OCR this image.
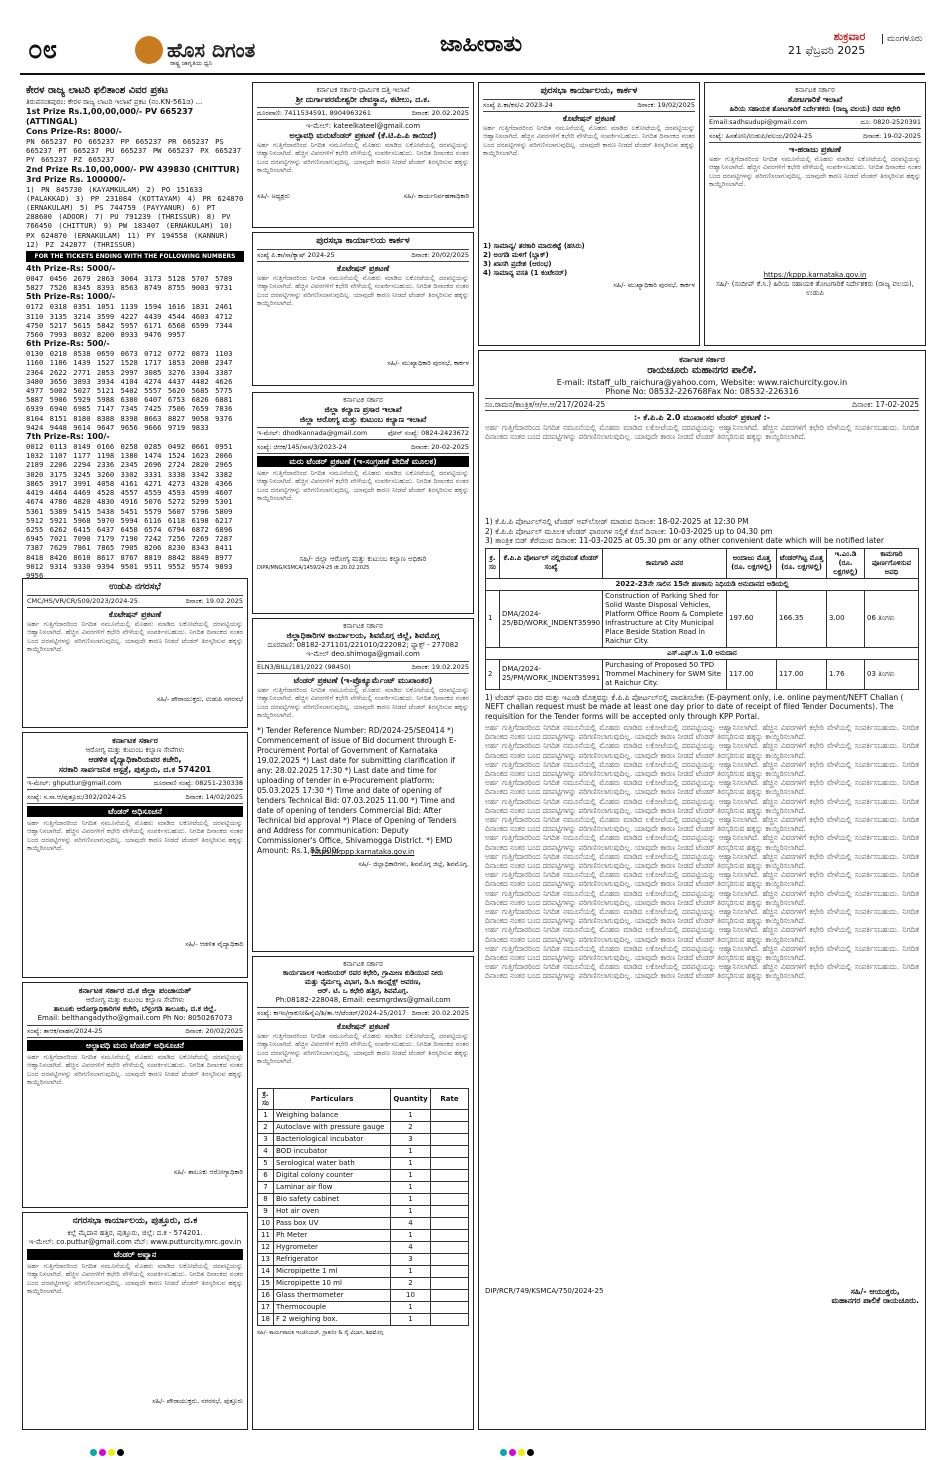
೦೮	ಹೊಸ ದಿಗಂತ
ರಾಷ್ಟ್ರ ಜಾಗೃತಿಯ ಧ್ವನಿ
ಜಾಹೀರಾತು	ಶುಕ್ರವಾರ
21 ಫೆಬ್ರವರಿ 2025
ಮಂಗಳೂರು
ಕೇರಳ ರಾಜ್ಯ ಲಾಟರಿ ಫಲಿತಾಂಶ ವಿವರ ಪ್ರಕಟ
ತಿರುವನಂತಪುರಂ: ಕೇರಳ ರಾಜ್ಯ ಲಾಟರಿ ಇಲಾಖೆ ಪ್ರಕಟ (ನಂ.KN-561ಡ) ...
1st Prize Rs.1,00,00,000/- PV 665237 (ATTINGAL)
Cons Prize-Rs: 8000/-
PN 665237 PO 665237 PP 665237 PR 665237 PS 665237 PT 665237 PU 665237 PW 665237 PX 665237 PY 665237 PZ 665237
2nd Prize Rs.10,00,000/- PW 439830 (CHITTUR)
3rd Prize Rs. 100000/-
1) PN 845730 (KAYAMKULAM) 2) PO 151633 (PALAKKAD) 3) PP 231084 (KOTTAYAM) 4) PR 624870 (ERNAKULAM) 5) PS 744759 (PAYYANUR) 6) PT 288600 (ADOOR) 7) PU 791239 (THRISSUR) 8) PV 766450 (CHITTUR) 9) PW 183407 (ERNAKULAM) 10) PX 624870 (ERNAKULAM) 11) PY 194558 (KANNUR) 12) PZ 242877 (THRISSUR)
FOR THE TICKETS ENDING WITH THE FOLLOWING NUMBERS
4th Prize-Rs: 5000/-
0047 0456 2679 2863 3064 3173 5128 5707 5789 5827 7526 8345 8393 8563 8749 8755 9003 9731
5th Prize-Rs: 1000/-
0172 0318 0351 1051 1139 1594 1616 1831 2461 3110 3135 3214 3599 4227 4439 4544 4603 4712 4750 5217 5615 5842 5957 6171 6568 6599 7344 7560 7993 8032 8200 8933 9476 9957
6th Prize-Rs: 500/-
0130 0218 0538 0659 0673 0712 0772 0873 1103 1160 1186 1439 1527 1528 1717 1853 2008 2347 2364 2622 2771 2853 2997 3085 3276 3304 3387 3480 3656 3893 3934 4104 4274 4437 4482 4626 4977 5002 5027 5121 5402 5557 5620 5685 5775 5887 5906 5929 5988 6380 6407 6753 6826 6881 6939 6940 6985 7147 7345 7425 7506 7659 7836 8104 8151 8180 8388 8398 8663 8827 9058 9376 9424 9448 9614 9647 9656 9666 9719 9833
7th Prize-Rs: 100/-
0012 0113 0149 0166 0258 0285 0492 0661 0951 1032 1107 1177 1198 1380 1474 1524 1623 2066 2189 2206 2294 2336 2345 2696 2724 2820 2965 3020 3175 3245 3260 3302 3331 3338 3342 3382 3865 3917 3991 4058 4161 4271 4273 4320 4366 4419 4464 4469 4528 4557 4559 4593 4599 4607 4674 4786 4820 4830 4916 5076 5272 5299 5301 5361 5389 5415 5438 5451 5579 5607 5796 5809 5912 5921 5968 5970 5994 6116 6118 6198 6217 6255 6262 6415 6437 6458 6574 6794 6872 6896 6945 7021 7090 7179 7190 7242 7256 7269 7287 7387 7629 7861 7865 7905 8206 8230 8343 8411 8418 8426 8610 8617 8767 8819 8842 8849 8977 9012 9314 9330 9394 9501 9511 9552 9574 9893 9956
ಉಡುಪಿ ನಗರಸಭೆ
CMC/HS/VR/CR/509/2023/2024-25	ದಿನಾಂಕ: 19.02.2025
ಕೊಟೇಷನ್ ಪ್ರಕಟಣೆ
ಅರ್ಹ ಗುತ್ತಿಗೆದಾರರಿಂದ ನಿಗದಿತ ನಮೂನೆಯಲ್ಲಿ ಮೊಹರು ಮಾಡಿದ ಲಕೋಟೆಯಲ್ಲಿ ದರಪಟ್ಟಿಯನ್ನು ಆಹ್ವಾನಿಸಲಾಗಿದೆ. ಹೆಚ್ಚಿನ ವಿವರಗಳಿಗೆ ಕಛೇರಿ ವೇಳೆಯಲ್ಲಿ ಸಂಪರ್ಕಿಸಬಹುದು. ನಿಗದಿತ ದಿನಾಂಕದ ನಂತರ ಬಂದ ದರಪಟ್ಟಿಗಳನ್ನು ಪರಿಗಣಿಸಲಾಗುವುದಿಲ್ಲ. ಯಾವುದೇ ಕಾರಣ ನೀಡದೆ ಟೆಂಡರ್ ತಿರಸ್ಕರಿಸುವ ಹಕ್ಕನ್ನು ಕಾಯ್ದಿರಿಸಲಾಗಿದೆ.
ಸಹಿ/- ಪೌರಾಯುಕ್ತರು, ಉಡುಪಿ ನಗರಸಭೆ
ಕರ್ನಾಟಕ ಸರ್ಕಾರ
ಆರೋಗ್ಯ ಮತ್ತು ಕುಟುಂಬ ಕಲ್ಯಾಣ ಸೇವೆಗಳು
ಆಡಳಿತ ವೈದ್ಯಾಧಿಕಾರಿಯವರ ಕಚೇರಿ,
ಸರಕಾರಿ ಸಾರ್ವಜನಿಕ ಆಸ್ಪತ್ರೆ, ಪುತ್ತೂರು, ದ.ಕ 574201
ಇ-ಮೇಲ್: ghputtur@gmail.com	ದೂರವಾಣಿ ಸಂಖ್ಯೆ: 08251-230338
ಸಂಖ್ಯೆ: ಸ.ಸಾ.ಆ/ಪುತ್ತೂರು/302/2024-25	ದಿನಾಂಕ: 14/02/2025
ಟೆಂಡರ್ ಅಧಿಸೂಚನೆ
ಅರ್ಹ ಗುತ್ತಿಗೆದಾರರಿಂದ ನಿಗದಿತ ನಮೂನೆಯಲ್ಲಿ ಮೊಹರು ಮಾಡಿದ ಲಕೋಟೆಯಲ್ಲಿ ದರಪಟ್ಟಿಯನ್ನು ಆಹ್ವಾನಿಸಲಾಗಿದೆ. ಹೆಚ್ಚಿನ ವಿವರಗಳಿಗೆ ಕಛೇರಿ ವೇಳೆಯಲ್ಲಿ ಸಂಪರ್ಕಿಸಬಹುದು. ನಿಗದಿತ ದಿನಾಂಕದ ನಂತರ ಬಂದ ದರಪಟ್ಟಿಗಳನ್ನು ಪರಿಗಣಿಸಲಾಗುವುದಿಲ್ಲ. ಯಾವುದೇ ಕಾರಣ ನೀಡದೆ ಟೆಂಡರ್ ತಿರಸ್ಕರಿಸುವ ಹಕ್ಕನ್ನು ಕಾಯ್ದಿರಿಸಲಾಗಿದೆ.
ಸಹಿ/- ಆಡಳಿತ ವೈದ್ಯಾಧಿಕಾರಿ
ಕರ್ನಾಟಕ ಸರ್ಕಾರ ದ.ಕ ಜಿಲ್ಲಾ ಪಂಚಾಯತ್
ಆರೋಗ್ಯ ಮತ್ತು ಕುಟುಂಬ ಕಲ್ಯಾಣ ಸೇವೆಗಳು
ತಾಲೂಕು ಆರೋಗ್ಯಾಧಿಕಾರಿಗಳ ಕಚೇರಿ, ಬೆಳ್ತಂಗಡಿ ತಾಲೂಕು, ದ.ಕ ಜಿಲ್ಲೆ.
Email: belthangadytho@gmail.com Ph No: 8050267073
ಸಂಖ್ಯೆ: ತಾಆಕ/ವಾಹನ/2024-25	ದಿನಾಂಕ: 20/02/2025
ಅಲ್ಪಾವಧಿ ಮರು ಟೆಂಡರ್ ಅಧಿಸೂಚನೆ
ಅರ್ಹ ಗುತ್ತಿಗೆದಾರರಿಂದ ನಿಗದಿತ ನಮೂನೆಯಲ್ಲಿ ಮೊಹರು ಮಾಡಿದ ಲಕೋಟೆಯಲ್ಲಿ ದರಪಟ್ಟಿಯನ್ನು ಆಹ್ವಾನಿಸಲಾಗಿದೆ. ಹೆಚ್ಚಿನ ವಿವರಗಳಿಗೆ ಕಛೇರಿ ವೇಳೆಯಲ್ಲಿ ಸಂಪರ್ಕಿಸಬಹುದು. ನಿಗದಿತ ದಿನಾಂಕದ ನಂತರ ಬಂದ ದರಪಟ್ಟಿಗಳನ್ನು ಪರಿಗಣಿಸಲಾಗುವುದಿಲ್ಲ. ಯಾವುದೇ ಕಾರಣ ನೀಡದೆ ಟೆಂಡರ್ ತಿರಸ್ಕರಿಸುವ ಹಕ್ಕನ್ನು ಕಾಯ್ದಿರಿಸಲಾಗಿದೆ.
ಸಹಿ/- ತಾಲೂಕು ಆರೋಗ್ಯಾಧಿಕಾರಿ
ನಗರಸಭಾ ಕಾರ್ಯಾಲಯ, ಪುತ್ತೂರು, ದ.ಕ
ಕಿಲ್ಲೆ ಮೈದಾನ ಹತ್ತಿರ, ಪುತ್ತೂರು, ಜಿಲ್ಲೆ: ದ.ಕ - 574201.
ಇ-ಮೇಲ್: co.puttur@gmail.com ವೆಬ್: www.putturcity.mrc.gov.in
ಟೆಂಡರ್ ಅವ್ಯಾನ
ಅರ್ಹ ಗುತ್ತಿಗೆದಾರರಿಂದ ನಿಗದಿತ ನಮೂನೆಯಲ್ಲಿ ಮೊಹರು ಮಾಡಿದ ಲಕೋಟೆಯಲ್ಲಿ ದರಪಟ್ಟಿಯನ್ನು ಆಹ್ವಾನಿಸಲಾಗಿದೆ. ಹೆಚ್ಚಿನ ವಿವರಗಳಿಗೆ ಕಛೇರಿ ವೇಳೆಯಲ್ಲಿ ಸಂಪರ್ಕಿಸಬಹುದು. ನಿಗದಿತ ದಿನಾಂಕದ ನಂತರ ಬಂದ ದರಪಟ್ಟಿಗಳನ್ನು ಪರಿಗಣಿಸಲಾಗುವುದಿಲ್ಲ. ಯಾವುದೇ ಕಾರಣ ನೀಡದೆ ಟೆಂಡರ್ ತಿರಸ್ಕರಿಸುವ ಹಕ್ಕನ್ನು ಕಾಯ್ದಿರಿಸಲಾಗಿದೆ.
ಸಹಿ/- ಪೌರಾಯುಕ್ತರು, ನಗರಸಭೆ, ಪುತ್ತೂರು
ಕರ್ನಾಟಕ ಸರ್ಕಾರ-ಧಾರ್ಮಿಕ ದತ್ತಿ ಇಲಾಖೆ
ಶ್ರೀ ದುರ್ಗಾಪರಮೇಶ್ವರೀ ದೇವಸ್ಥಾನ, ಕಟೀಲು, ದ.ಕ.
ದೂರವಾಣಿ: 7411534591, 8904963261	ದಿನಾಂಕ: 20.02.2025
ಇ-ಮೇಲ್: kateelkateel@gmail.com
ಅಲ್ಪಾವಧಿ ಮರುಟೆಂಡರ್ ಪ್ರಕಟಣೆ (ಕೆ.ಟಿ.ಪಿ.ಪಿ ಕಾಯಿದೆ)
ಅರ್ಹ ಗುತ್ತಿಗೆದಾರರಿಂದ ನಿಗದಿತ ನಮೂನೆಯಲ್ಲಿ ಮೊಹರು ಮಾಡಿದ ಲಕೋಟೆಯಲ್ಲಿ ದರಪಟ್ಟಿಯನ್ನು ಆಹ್ವಾನಿಸಲಾಗಿದೆ. ಹೆಚ್ಚಿನ ವಿವರಗಳಿಗೆ ಕಛೇರಿ ವೇಳೆಯಲ್ಲಿ ಸಂಪರ್ಕಿಸಬಹುದು. ನಿಗದಿತ ದಿನಾಂಕದ ನಂತರ ಬಂದ ದರಪಟ್ಟಿಗಳನ್ನು ಪರಿಗಣಿಸಲಾಗುವುದಿಲ್ಲ. ಯಾವುದೇ ಕಾರಣ ನೀಡದೆ ಟೆಂಡರ್ ತಿರಸ್ಕರಿಸುವ ಹಕ್ಕನ್ನು ಕಾಯ್ದಿರಿಸಲಾಗಿದೆ.
ಸಹಿ/- ಅಧ್ಯಕ್ಷರು	ಸಹಿ/- ಕಾರ್ಯನಿರ್ವಹಣಾಧಿಕಾರಿ
ಪುರಸಭಾ ಕಾರ್ಯಾಲಯ ಕಾರ್ಕಳ
ಸಂಖ್ಯೆ ಪಿ.ಕಾ/ಸಾ/ಕ್ಯಾಷ್ 2024-25	ದಿನಾಂಕ: 20/02/2025
ಕೊಟೇಷನ್ ಪ್ರಕಟಣೆ
ಅರ್ಹ ಗುತ್ತಿಗೆದಾರರಿಂದ ನಿಗದಿತ ನಮೂನೆಯಲ್ಲಿ ಮೊಹರು ಮಾಡಿದ ಲಕೋಟೆಯಲ್ಲಿ ದರಪಟ್ಟಿಯನ್ನು ಆಹ್ವಾನಿಸಲಾಗಿದೆ. ಹೆಚ್ಚಿನ ವಿವರಗಳಿಗೆ ಕಛೇರಿ ವೇಳೆಯಲ್ಲಿ ಸಂಪರ್ಕಿಸಬಹುದು. ನಿಗದಿತ ದಿನಾಂಕದ ನಂತರ ಬಂದ ದರಪಟ್ಟಿಗಳನ್ನು ಪರಿಗಣಿಸಲಾಗುವುದಿಲ್ಲ. ಯಾವುದೇ ಕಾರಣ ನೀಡದೆ ಟೆಂಡರ್ ತಿರಸ್ಕರಿಸುವ ಹಕ್ಕನ್ನು ಕಾಯ್ದಿರಿಸಲಾಗಿದೆ.
ಸಹಿ/- ಮುಖ್ಯಾಧಿಕಾರಿ ಪುರಸಭೆ, ಕಾರ್ಕಳ
ಕರ್ನಾಟಕ ಸರ್ಕಾರ
ಜಿಲ್ಲಾ ಕಲ್ಯಾಣ ಪ್ರಸಾರ ಇಲಾಖೆ
ಜಿಲ್ಲಾ ಆರೋಗ್ಯ ಮತ್ತು ಕುಟುಂಬ ಕಲ್ಯಾಣ ಇಲಾಖೆ
ಇ-ಮೇಲ್: dhodkannada@gmail.com	ಫೋನ್ ಸಂಖ್ಯೆ: 0824-2423672
ಸಂಖ್ಯೆ: ಜಿಆಕ/145/ಸಾಸ/3/2023-24	ದಿನಾಂಕ: 20-02-2025
ಮರು ಟೆಂಡರ್ ಪ್ರಕಟಣೆ (ಇ-ಸಂಗ್ರಹಣೆ ವೇದಿಕೆ ಮೂಲಕ)
ಅರ್ಹ ಗುತ್ತಿಗೆದಾರರಿಂದ ನಿಗದಿತ ನಮೂನೆಯಲ್ಲಿ ಮೊಹರು ಮಾಡಿದ ಲಕೋಟೆಯಲ್ಲಿ ದರಪಟ್ಟಿಯನ್ನು ಆಹ್ವಾನಿಸಲಾಗಿದೆ. ಹೆಚ್ಚಿನ ವಿವರಗಳಿಗೆ ಕಛೇರಿ ವೇಳೆಯಲ್ಲಿ ಸಂಪರ್ಕಿಸಬಹುದು. ನಿಗದಿತ ದಿನಾಂಕದ ನಂತರ ಬಂದ ದರಪಟ್ಟಿಗಳನ್ನು ಪರಿಗಣಿಸಲಾಗುವುದಿಲ್ಲ. ಯಾವುದೇ ಕಾರಣ ನೀಡದೆ ಟೆಂಡರ್ ತಿರಸ್ಕರಿಸುವ ಹಕ್ಕನ್ನು ಕಾಯ್ದಿರಿಸಲಾಗಿದೆ.
ಸಹಿ/- ಜಿಲ್ಲಾ ಆರೋಗ್ಯ ಮತ್ತು ಕುಟುಂಬ ಕಲ್ಯಾಣ ಅಧಿಕಾರಿ
DIPR/MNG/KSMCA/1459/24-25 dt.20.02.2025
ಕರ್ನಾಟಕ ಸರ್ಕಾರ
ಜಿಲ್ಲಾಧಿಕಾರಿಗಳ ಕಾರ್ಯಾಲಯ, ಶಿವಮೊಗ್ಗ ಜಿಲ್ಲೆ, ಶಿವಮೊಗ್ಗ
ದೂರವಾಣಿ: 08182-271101/221010/222082; ಫ್ಯಾಕ್ಸ್ - 277082
ಇ-ಮೇಲ್ deo.shimoga@gmail.com
ELN3/BILL/181/2022 (98450)	ದಿನಾಂಕ: 19.02.2025
ಟೆಂಡರ್ ಪ್ರಕಟಣೆ (ಇ-ಪ್ರೊಕ್ಯೂರ್ಮೆಂಟ್ ಮುಖಾಂತರ)
ಅರ್ಹ ಗುತ್ತಿಗೆದಾರರಿಂದ ನಿಗದಿತ ನಮೂನೆಯಲ್ಲಿ ಮೊಹರು ಮಾಡಿದ ಲಕೋಟೆಯಲ್ಲಿ ದರಪಟ್ಟಿಯನ್ನು ಆಹ್ವಾನಿಸಲಾಗಿದೆ. ಹೆಚ್ಚಿನ ವಿವರಗಳಿಗೆ ಕಛೇರಿ ವೇಳೆಯಲ್ಲಿ ಸಂಪರ್ಕಿಸಬಹುದು. ನಿಗದಿತ ದಿನಾಂಕದ ನಂತರ ಬಂದ ದರಪಟ್ಟಿಗಳನ್ನು ಪರಿಗಣಿಸಲಾಗುವುದಿಲ್ಲ. ಯಾವುದೇ ಕಾರಣ ನೀಡದೆ ಟೆಂಡರ್ ತಿರಸ್ಕರಿಸುವ ಹಕ್ಕನ್ನು ಕಾಯ್ದಿರಿಸಲಾಗಿದೆ.
*) Tender Reference Number: RD/2024-25/SE0414 *) Commencement of issue of Bid document through E-Procurement Portal of Government of Karnataka 19.02.2025 *) Last date for submitting clarification if any: 28.02.2025 17:30 *) Last date and time for uploading of tender in e-Procurement platform: 05.03.2025 17:30 *) Time and date of opening of tenders Technical Bid: 07.03.2025 11.00 *) Time and date of opening of tenders Commercial Bid: After Technical bid approval *) Place of Opening of Tenders and Address for communication: Deputy Commissioner's Office, Shivamogga District. *) EMD Amount: Rs.1,85,000/-
https://kppp.karnataka.gov.in
ಸಹಿ/- ಜಿಲ್ಲಾಧಿಕಾರಿಗಳು, ಶಿವಮೊಗ್ಗ ಜಿಲ್ಲೆ, ಶಿವಮೊಗ್ಗ.
ಕರ್ನಾಟಕ ಸರ್ಕಾರ
ಕಾರ್ಯಪಾಲಕ ಇಂಜಿನಿಯರ್ ರವರ ಕಛೇರಿ, ಗ್ರಾಮೀಣ ಕುಡಿಯುವ ನೀರು
ಮತ್ತು ನೈರ್ಮಲ್ಯ ವಿಭಾಗ, ಡಿ.ಸಿ ಕಾಂಪ್ಲೆಕ್ಸ್ ಆವರಣ,
ಆರ್. ಟಿ. ಒ ಕಛೇರಿ ಹತ್ತಿರ, ಶಿವಮೊಗ್ಗ.
Ph:08182-228048, Email: eesmgrdws@gmail.com
ಸಂಖ್ಯೆ: ಕಾಇಂ/ಗ್ರಾಕುನೀ&ನೈವಿ/ಶಿ/ತಾ.ಆ/ಟೆಂಡರ್/2024-25/2017 ದಿನಾಂಕ: 20.02.2025
ಕೊಟೇಷನ್ ಪ್ರಕಟಣೆ
ಅರ್ಹ ಗುತ್ತಿಗೆದಾರರಿಂದ ನಿಗದಿತ ನಮೂನೆಯಲ್ಲಿ ಮೊಹರು ಮಾಡಿದ ಲಕೋಟೆಯಲ್ಲಿ ದರಪಟ್ಟಿಯನ್ನು ಆಹ್ವಾನಿಸಲಾಗಿದೆ. ಹೆಚ್ಚಿನ ವಿವರಗಳಿಗೆ ಕಛೇರಿ ವೇಳೆಯಲ್ಲಿ ಸಂಪರ್ಕಿಸಬಹುದು. ನಿಗದಿತ ದಿನಾಂಕದ ನಂತರ ಬಂದ ದರಪಟ್ಟಿಗಳನ್ನು ಪರಿಗಣಿಸಲಾಗುವುದಿಲ್ಲ. ಯಾವುದೇ ಕಾರಣ ನೀಡದೆ ಟೆಂಡರ್ ತಿರಸ್ಕರಿಸುವ ಹಕ್ಕನ್ನು ಕಾಯ್ದಿರಿಸಲಾಗಿದೆ.
ಕ್ರ. ಸಂ	Particulars	Quantity	Rate
1	Weighing balance	1	
2	Autoclave with pressure gauge	2	
3	Bacteriological incubator	3	
4	BOD incubator	1	
5	Serological water bath	1	
6	Digital colony counter	1	
7	Laminar air flow	1	
8	Bio safety cabinet	1	
9	Hot air oven	1	
10	Pass box UV	4	
11	Ph Meter	1	
12	Hygrometer	4	
13	Refrigerator	3	
14	Micropipette 1 ml	1	
15	Micropipette 10 ml	2	
16	Glass thermometer	10	
17	Thermocouple	1	
18	F 2 weighing box.	1	
ಸಹಿ/- ಕಾರ್ಯಪಾಲಕ ಇಂಜಿನಿಯರ್, ಗ್ರಾಕುನೀ & ನೈ ವಿಭಾಗ, ಶಿವಮೊಗ್ಗ
ಪುರಸಭಾ ಕಾರ್ಯಾಲಯ, ಕಾರ್ಕಳ
ಸಂಖ್ಯೆ ಪಿ.ಕಾ/ಕಸ/ವಿ 2023-24	ದಿನಾಂಕ: 19/02/2025
ಕೊಟೇಷನ್ ಪ್ರಕಟಣೆ
ಅರ್ಹ ಗುತ್ತಿಗೆದಾರರಿಂದ ನಿಗದಿತ ನಮೂನೆಯಲ್ಲಿ ಮೊಹರು ಮಾಡಿದ ಲಕೋಟೆಯಲ್ಲಿ ದರಪಟ್ಟಿಯನ್ನು ಆಹ್ವಾನಿಸಲಾಗಿದೆ. ಹೆಚ್ಚಿನ ವಿವರಗಳಿಗೆ ಕಛೇರಿ ವೇಳೆಯಲ್ಲಿ ಸಂಪರ್ಕಿಸಬಹುದು. ನಿಗದಿತ ದಿನಾಂಕದ ನಂತರ ಬಂದ ದರಪಟ್ಟಿಗಳನ್ನು ಪರಿಗಣಿಸಲಾಗುವುದಿಲ್ಲ. ಯಾವುದೇ ಕಾರಣ ನೀಡದೆ ಟೆಂಡರ್ ತಿರಸ್ಕರಿಸುವ ಹಕ್ಕನ್ನು ಕಾಯ್ದಿರಿಸಲಾಗಿದೆ.
1) ಸಾಮಾನ್ಯ/ ತರಕಾರಿ ಮಾರುಕಟ್ಟೆ (ಹಸಿರು)
2) ಅಂಗಡಿ ಮಳಿಗೆ (ಬ್ಲಾಕ್)
3) ಖಾಸಗಿ ಪ್ರದೇಶ (ಆರಂಭ)
4) ಸಾಮಾನ್ಯ ವಸತಿ (1 ಕಂಟೇನರ್)
ಸಹಿ/- ಮುಖ್ಯಾಧಿಕಾರಿ ಪುರಸಭೆ, ಕಾರ್ಕಳ
ಕರ್ನಾಟಕ ಸರ್ಕಾರ
ತೋಟಗಾರಿಕೆ ಇಲಾಖೆ
ಹಿರಿಯ ಸಹಾಯಕ ತೋಟಗಾರಿಕೆ ನಿರ್ದೇಶಕರು (ರಾಜ್ಯ ವಲಯ) ರವರ ಕಛೇರಿ
Email:sadhsudupi@gmail.com	ದೂ: 0820-2520391
ಸಂಖ್ಯೆ: ಹಿಸತೋನಿ/ಉಡುಪಿ/ವಲಯ/2024-25	ದಿನಾಂಕ: 19-02-2025
ಇ-ಹರಾಜು ಪ್ರಕಟಣೆ
ಅರ್ಹ ಗುತ್ತಿಗೆದಾರರಿಂದ ನಿಗದಿತ ನಮೂನೆಯಲ್ಲಿ ಮೊಹರು ಮಾಡಿದ ಲಕೋಟೆಯಲ್ಲಿ ದರಪಟ್ಟಿಯನ್ನು ಆಹ್ವಾನಿಸಲಾಗಿದೆ. ಹೆಚ್ಚಿನ ವಿವರಗಳಿಗೆ ಕಛೇರಿ ವೇಳೆಯಲ್ಲಿ ಸಂಪರ್ಕಿಸಬಹುದು. ನಿಗದಿತ ದಿನಾಂಕದ ನಂತರ ಬಂದ ದರಪಟ್ಟಿಗಳನ್ನು ಪರಿಗಣಿಸಲಾಗುವುದಿಲ್ಲ. ಯಾವುದೇ ಕಾರಣ ನೀಡದೆ ಟೆಂಡರ್ ತಿರಸ್ಕರಿಸುವ ಹಕ್ಕನ್ನು ಕಾಯ್ದಿರಿಸಲಾಗಿದೆ.
https://kppp.karnataka.gov.in
ಸಹಿ/- (ಸಂದೀಪ್ ಕೆ.ಸಿ.) ಹಿರಿಯ ಸಹಾಯಕ ತೋಟಗಾರಿಕೆ ನಿರ್ದೇಶಕರು (ರಾಜ್ಯ ವಲಯ), ಉಡುಪಿ
ಕರ್ನಾಟಕ ಸರ್ಕಾರ
ರಾಯಚೂರು ಮಹಾನಗರ ಪಾಲಿಕೆ.
E-mail: itstaff_ulb_raichura@yahoo.com, Website: www.raichurcity.gov.in
Phone No: 08532-226768Fax No: 08532-226316
ಸಂ.ರಾಮನ/ಕಾಂತ್ರಿಕ/ಆ/ಆ.ಆ/217/2024-25	ದಿನಾಂಕ: 17-02-2025
:- ಕೆ.ಪಿ.ಪಿ 2.0 ಮುಖಾಂತರ ಟೆಂಡರ್ ಪ್ರಕಟಣೆ :-
ಅರ್ಹ ಗುತ್ತಿಗೆದಾರರಿಂದ ನಿಗದಿತ ನಮೂನೆಯಲ್ಲಿ ಮೊಹರು ಮಾಡಿದ ಲಕೋಟೆಯಲ್ಲಿ ದರಪಟ್ಟಿಯನ್ನು ಆಹ್ವಾನಿಸಲಾಗಿದೆ. ಹೆಚ್ಚಿನ ವಿವರಗಳಿಗೆ ಕಛೇರಿ ವೇಳೆಯಲ್ಲಿ ಸಂಪರ್ಕಿಸಬಹುದು. ನಿಗದಿತ ದಿನಾಂಕದ ನಂತರ ಬಂದ ದರಪಟ್ಟಿಗಳನ್ನು ಪರಿಗಣಿಸಲಾಗುವುದಿಲ್ಲ. ಯಾವುದೇ ಕಾರಣ ನೀಡದೆ ಟೆಂಡರ್ ತಿರಸ್ಕರಿಸುವ ಹಕ್ಕನ್ನು ಕಾಯ್ದಿರಿಸಲಾಗಿದೆ.
1) ಕೆ.ಪಿ.ಪಿ ಪೋರ್ಟಲ್‌ನಲ್ಲಿ ಟೆಂಡರ್ ಅಪ್‌ಲೋಡ್ ಮಾಡುವ ದಿನಾಂಕ: 18-02-2025 at 12:30 PM
2) ಕೆ.ಪಿ.ಪಿ ಪೋರ್ಟಲ್ ಮೂಲಕ ಟೆಂಡರ್ ಫಾರಂಗಳ ಸಲ್ಲಿಕೆ ಕೊನೆ ದಿನಾಂಕ: 10-03-2025 up to 04.30 pm
3) ತಾಂತ್ರಿಕ ಬಿಡ್ ತೆರೆಯುವ ದಿನಾಂಕ: 11-03-2025 at 05.30 pm or any other convenient date which will be notified later
ಕ್ರ. ಸಂ	ಕೆ.ಪಿ.ಪಿ ಪೋರ್ಟಲ್ ನಲ್ಲಿರುವಂತೆ ಟೆಂಡರ್ ಸಂಖ್ಯೆ	ಕಾಮಗಾರಿ ವಿವರ	ಅಂದಾಜು ಮೊತ್ತ (ರೂ. ಲಕ್ಷಗಳಲ್ಲಿ)	ಟೆಂಡರ್‌ಗಿಟ್ಟ ಮೊತ್ತ (ರೂ. ಲಕ್ಷಗಳಲ್ಲಿ)	ಇ.ಎಂ.ಡಿ (ರೂ. ಲಕ್ಷಗಳಲ್ಲಿ)	ಕಾಮಗಾರಿ ಪೂರ್ಣಗೊಳಿಸುವ ಅವಧಿ
2022-23ನೇ ಸಾಲಿನ 15ನೇ ಹಣಕಾಸು ನಿಧಿಯಡಿ ಅನುದಾನದ ಅಡಿಯಲ್ಲಿ						
1	DMA/2024-25/BD/WORK_INDENT35990	Construction of Parking Shed for Solid Waste Disposal Vehicles, Platform Office Room & Complete Infrastructure at City Municipal Place Beside Station Road in Raichur City.	197.60	166.35	3.00	06 ತಿಂಗಳು
ಎಸ್.ಎಫ್.ಸಿ 1.0 ಅನುದಾನ						
2	DMA/2024-25/PM/WORK_INDENT35991	Purchasing of Proposed 50 TPD Trommel Machinery for SWM Site at Raichur City.	117.00	117.00	1.76	03 ತಿಂಗಳು
1) ಟೆಂಡರ್ ಫಾರಂ ದರ ಮತ್ತು ಇಎಂಡಿ ಮೊತ್ತವನ್ನು ಕೆ.ಪಿ.ಪಿ ಪೋರ್ಟಲ್‌ನಲ್ಲಿ ಪಾವತಿಸಬೇಕು (E-payment only, i.e. online payment/NEFT Challan ( NEFT challan request must be made at least one day prior to date of receipt of filed Tender Documents). The requisition for the Tender forms will be accepted only through KPP Portal.
ಅರ್ಹ ಗುತ್ತಿಗೆದಾರರಿಂದ ನಿಗದಿತ ನಮೂನೆಯಲ್ಲಿ ಮೊಹರು ಮಾಡಿದ ಲಕೋಟೆಯಲ್ಲಿ ದರಪಟ್ಟಿಯನ್ನು ಆಹ್ವಾನಿಸಲಾಗಿದೆ. ಹೆಚ್ಚಿನ ವಿವರಗಳಿಗೆ ಕಛೇರಿ ವೇಳೆಯಲ್ಲಿ ಸಂಪರ್ಕಿಸಬಹುದು. ನಿಗದಿತ ದಿನಾಂಕದ ನಂತರ ಬಂದ ದರಪಟ್ಟಿಗಳನ್ನು ಪರಿಗಣಿಸಲಾಗುವುದಿಲ್ಲ. ಯಾವುದೇ ಕಾರಣ ನೀಡದೆ ಟೆಂಡರ್ ತಿರಸ್ಕರಿಸುವ ಹಕ್ಕನ್ನು ಕಾಯ್ದಿರಿಸಲಾಗಿದೆ.
ಅರ್ಹ ಗುತ್ತಿಗೆದಾರರಿಂದ ನಿಗದಿತ ನಮೂನೆಯಲ್ಲಿ ಮೊಹರು ಮಾಡಿದ ಲಕೋಟೆಯಲ್ಲಿ ದರಪಟ್ಟಿಯನ್ನು ಆಹ್ವಾನಿಸಲಾಗಿದೆ. ಹೆಚ್ಚಿನ ವಿವರಗಳಿಗೆ ಕಛೇರಿ ವೇಳೆಯಲ್ಲಿ ಸಂಪರ್ಕಿಸಬಹುದು. ನಿಗದಿತ ದಿನಾಂಕದ ನಂತರ ಬಂದ ದರಪಟ್ಟಿಗಳನ್ನು ಪರಿಗಣಿಸಲಾಗುವುದಿಲ್ಲ. ಯಾವುದೇ ಕಾರಣ ನೀಡದೆ ಟೆಂಡರ್ ತಿರಸ್ಕರಿಸುವ ಹಕ್ಕನ್ನು ಕಾಯ್ದಿರಿಸಲಾಗಿದೆ.
ಅರ್ಹ ಗುತ್ತಿಗೆದಾರರಿಂದ ನಿಗದಿತ ನಮೂನೆಯಲ್ಲಿ ಮೊಹರು ಮಾಡಿದ ಲಕೋಟೆಯಲ್ಲಿ ದರಪಟ್ಟಿಯನ್ನು ಆಹ್ವಾನಿಸಲಾಗಿದೆ. ಹೆಚ್ಚಿನ ವಿವರಗಳಿಗೆ ಕಛೇರಿ ವೇಳೆಯಲ್ಲಿ ಸಂಪರ್ಕಿಸಬಹುದು. ನಿಗದಿತ ದಿನಾಂಕದ ನಂತರ ಬಂದ ದರಪಟ್ಟಿಗಳನ್ನು ಪರಿಗಣಿಸಲಾಗುವುದಿಲ್ಲ. ಯಾವುದೇ ಕಾರಣ ನೀಡದೆ ಟೆಂಡರ್ ತಿರಸ್ಕರಿಸುವ ಹಕ್ಕನ್ನು ಕಾಯ್ದಿರಿಸಲಾಗಿದೆ.
ಅರ್ಹ ಗುತ್ತಿಗೆದಾರರಿಂದ ನಿಗದಿತ ನಮೂನೆಯಲ್ಲಿ ಮೊಹರು ಮಾಡಿದ ಲಕೋಟೆಯಲ್ಲಿ ದರಪಟ್ಟಿಯನ್ನು ಆಹ್ವಾನಿಸಲಾಗಿದೆ. ಹೆಚ್ಚಿನ ವಿವರಗಳಿಗೆ ಕಛೇರಿ ವೇಳೆಯಲ್ಲಿ ಸಂಪರ್ಕಿಸಬಹುದು. ನಿಗದಿತ ದಿನಾಂಕದ ನಂತರ ಬಂದ ದರಪಟ್ಟಿಗಳನ್ನು ಪರಿಗಣಿಸಲಾಗುವುದಿಲ್ಲ. ಯಾವುದೇ ಕಾರಣ ನೀಡದೆ ಟೆಂಡರ್ ತಿರಸ್ಕರಿಸುವ ಹಕ್ಕನ್ನು ಕಾಯ್ದಿರಿಸಲಾಗಿದೆ.
ಅರ್ಹ ಗುತ್ತಿಗೆದಾರರಿಂದ ನಿಗದಿತ ನಮೂನೆಯಲ್ಲಿ ಮೊಹರು ಮಾಡಿದ ಲಕೋಟೆಯಲ್ಲಿ ದರಪಟ್ಟಿಯನ್ನು ಆಹ್ವಾನಿಸಲಾಗಿದೆ. ಹೆಚ್ಚಿನ ವಿವರಗಳಿಗೆ ಕಛೇರಿ ವೇಳೆಯಲ್ಲಿ ಸಂಪರ್ಕಿಸಬಹುದು. ನಿಗದಿತ ದಿನಾಂಕದ ನಂತರ ಬಂದ ದರಪಟ್ಟಿಗಳನ್ನು ಪರಿಗಣಿಸಲಾಗುವುದಿಲ್ಲ. ಯಾವುದೇ ಕಾರಣ ನೀಡದೆ ಟೆಂಡರ್ ತಿರಸ್ಕರಿಸುವ ಹಕ್ಕನ್ನು ಕಾಯ್ದಿರಿಸಲಾಗಿದೆ.
ಅರ್ಹ ಗುತ್ತಿಗೆದಾರರಿಂದ ನಿಗದಿತ ನಮೂನೆಯಲ್ಲಿ ಮೊಹರು ಮಾಡಿದ ಲಕೋಟೆಯಲ್ಲಿ ದರಪಟ್ಟಿಯನ್ನು ಆಹ್ವಾನಿಸಲಾಗಿದೆ. ಹೆಚ್ಚಿನ ವಿವರಗಳಿಗೆ ಕಛೇರಿ ವೇಳೆಯಲ್ಲಿ ಸಂಪರ್ಕಿಸಬಹುದು. ನಿಗದಿತ ದಿನಾಂಕದ ನಂತರ ಬಂದ ದರಪಟ್ಟಿಗಳನ್ನು ಪರಿಗಣಿಸಲಾಗುವುದಿಲ್ಲ. ಯಾವುದೇ ಕಾರಣ ನೀಡದೆ ಟೆಂಡರ್ ತಿರಸ್ಕರಿಸುವ ಹಕ್ಕನ್ನು ಕಾಯ್ದಿರಿಸಲಾಗಿದೆ.
ಅರ್ಹ ಗುತ್ತಿಗೆದಾರರಿಂದ ನಿಗದಿತ ನಮೂನೆಯಲ್ಲಿ ಮೊಹರು ಮಾಡಿದ ಲಕೋಟೆಯಲ್ಲಿ ದರಪಟ್ಟಿಯನ್ನು ಆಹ್ವಾನಿಸಲಾಗಿದೆ. ಹೆಚ್ಚಿನ ವಿವರಗಳಿಗೆ ಕಛೇರಿ ವೇಳೆಯಲ್ಲಿ ಸಂಪರ್ಕಿಸಬಹುದು. ನಿಗದಿತ ದಿನಾಂಕದ ನಂತರ ಬಂದ ದರಪಟ್ಟಿಗಳನ್ನು ಪರಿಗಣಿಸಲಾಗುವುದಿಲ್ಲ. ಯಾವುದೇ ಕಾರಣ ನೀಡದೆ ಟೆಂಡರ್ ತಿರಸ್ಕರಿಸುವ ಹಕ್ಕನ್ನು ಕಾಯ್ದಿರಿಸಲಾಗಿದೆ.
ಅರ್ಹ ಗುತ್ತಿಗೆದಾರರಿಂದ ನಿಗದಿತ ನಮೂನೆಯಲ್ಲಿ ಮೊಹರು ಮಾಡಿದ ಲಕೋಟೆಯಲ್ಲಿ ದರಪಟ್ಟಿಯನ್ನು ಆಹ್ವಾನಿಸಲಾಗಿದೆ. ಹೆಚ್ಚಿನ ವಿವರಗಳಿಗೆ ಕಛೇರಿ ವೇಳೆಯಲ್ಲಿ ಸಂಪರ್ಕಿಸಬಹುದು. ನಿಗದಿತ ದಿನಾಂಕದ ನಂತರ ಬಂದ ದರಪಟ್ಟಿಗಳನ್ನು ಪರಿಗಣಿಸಲಾಗುವುದಿಲ್ಲ. ಯಾವುದೇ ಕಾರಣ ನೀಡದೆ ಟೆಂಡರ್ ತಿರಸ್ಕರಿಸುವ ಹಕ್ಕನ್ನು ಕಾಯ್ದಿರಿಸಲಾಗಿದೆ.
ಅರ್ಹ ಗುತ್ತಿಗೆದಾರರಿಂದ ನಿಗದಿತ ನಮೂನೆಯಲ್ಲಿ ಮೊಹರು ಮಾಡಿದ ಲಕೋಟೆಯಲ್ಲಿ ದರಪಟ್ಟಿಯನ್ನು ಆಹ್ವಾನಿಸಲಾಗಿದೆ. ಹೆಚ್ಚಿನ ವಿವರಗಳಿಗೆ ಕಛೇರಿ ವೇಳೆಯಲ್ಲಿ ಸಂಪರ್ಕಿಸಬಹುದು. ನಿಗದಿತ ದಿನಾಂಕದ ನಂತರ ಬಂದ ದರಪಟ್ಟಿಗಳನ್ನು ಪರಿಗಣಿಸಲಾಗುವುದಿಲ್ಲ. ಯಾವುದೇ ಕಾರಣ ನೀಡದೆ ಟೆಂಡರ್ ತಿರಸ್ಕರಿಸುವ ಹಕ್ಕನ್ನು ಕಾಯ್ದಿರಿಸಲಾಗಿದೆ.
ಅರ್ಹ ಗುತ್ತಿಗೆದಾರರಿಂದ ನಿಗದಿತ ನಮೂನೆಯಲ್ಲಿ ಮೊಹರು ಮಾಡಿದ ಲಕೋಟೆಯಲ್ಲಿ ದರಪಟ್ಟಿಯನ್ನು ಆಹ್ವಾನಿಸಲಾಗಿದೆ. ಹೆಚ್ಚಿನ ವಿವರಗಳಿಗೆ ಕಛೇರಿ ವೇಳೆಯಲ್ಲಿ ಸಂಪರ್ಕಿಸಬಹುದು. ನಿಗದಿತ ದಿನಾಂಕದ ನಂತರ ಬಂದ ದರಪಟ್ಟಿಗಳನ್ನು ಪರಿಗಣಿಸಲಾಗುವುದಿಲ್ಲ. ಯಾವುದೇ ಕಾರಣ ನೀಡದೆ ಟೆಂಡರ್ ತಿರಸ್ಕರಿಸುವ ಹಕ್ಕನ್ನು ಕಾಯ್ದಿರಿಸಲಾಗಿದೆ.
ಅರ್ಹ ಗುತ್ತಿಗೆದಾರರಿಂದ ನಿಗದಿತ ನಮೂನೆಯಲ್ಲಿ ಮೊಹರು ಮಾಡಿದ ಲಕೋಟೆಯಲ್ಲಿ ದರಪಟ್ಟಿಯನ್ನು ಆಹ್ವಾನಿಸಲಾಗಿದೆ. ಹೆಚ್ಚಿನ ವಿವರಗಳಿಗೆ ಕಛೇರಿ ವೇಳೆಯಲ್ಲಿ ಸಂಪರ್ಕಿಸಬಹುದು. ನಿಗದಿತ ದಿನಾಂಕದ ನಂತರ ಬಂದ ದರಪಟ್ಟಿಗಳನ್ನು ಪರಿಗಣಿಸಲಾಗುವುದಿಲ್ಲ. ಯಾವುದೇ ಕಾರಣ ನೀಡದೆ ಟೆಂಡರ್ ತಿರಸ್ಕರಿಸುವ ಹಕ್ಕನ್ನು ಕಾಯ್ದಿರಿಸಲಾಗಿದೆ.
ಅರ್ಹ ಗುತ್ತಿಗೆದಾರರಿಂದ ನಿಗದಿತ ನಮೂನೆಯಲ್ಲಿ ಮೊಹರು ಮಾಡಿದ ಲಕೋಟೆಯಲ್ಲಿ ದರಪಟ್ಟಿಯನ್ನು ಆಹ್ವಾನಿಸಲಾಗಿದೆ. ಹೆಚ್ಚಿನ ವಿವರಗಳಿಗೆ ಕಛೇರಿ ವೇಳೆಯಲ್ಲಿ ಸಂಪರ್ಕಿಸಬಹುದು. ನಿಗದಿತ ದಿನಾಂಕದ ನಂತರ ಬಂದ ದರಪಟ್ಟಿಗಳನ್ನು ಪರಿಗಣಿಸಲಾಗುವುದಿಲ್ಲ. ಯಾವುದೇ ಕಾರಣ ನೀಡದೆ ಟೆಂಡರ್ ತಿರಸ್ಕರಿಸುವ ಹಕ್ಕನ್ನು ಕಾಯ್ದಿರಿಸಲಾಗಿದೆ.
ಅರ್ಹ ಗುತ್ತಿಗೆದಾರರಿಂದ ನಿಗದಿತ ನಮೂನೆಯಲ್ಲಿ ಮೊಹರು ಮಾಡಿದ ಲಕೋಟೆಯಲ್ಲಿ ದರಪಟ್ಟಿಯನ್ನು ಆಹ್ವಾನಿಸಲಾಗಿದೆ. ಹೆಚ್ಚಿನ ವಿವರಗಳಿಗೆ ಕಛೇರಿ ವೇಳೆಯಲ್ಲಿ ಸಂಪರ್ಕಿಸಬಹುದು. ನಿಗದಿತ ದಿನಾಂಕದ ನಂತರ ಬಂದ ದರಪಟ್ಟಿಗಳನ್ನು ಪರಿಗಣಿಸಲಾಗುವುದಿಲ್ಲ. ಯಾವುದೇ ಕಾರಣ ನೀಡದೆ ಟೆಂಡರ್ ತಿರಸ್ಕರಿಸುವ ಹಕ್ಕನ್ನು ಕಾಯ್ದಿರಿಸಲಾಗಿದೆ.
ಅರ್ಹ ಗುತ್ತಿಗೆದಾರರಿಂದ ನಿಗದಿತ ನಮೂನೆಯಲ್ಲಿ ಮೊಹರು ಮಾಡಿದ ಲಕೋಟೆಯಲ್ಲಿ ದರಪಟ್ಟಿಯನ್ನು ಆಹ್ವಾನಿಸಲಾಗಿದೆ. ಹೆಚ್ಚಿನ ವಿವರಗಳಿಗೆ ಕಛೇರಿ ವೇಳೆಯಲ್ಲಿ ಸಂಪರ್ಕಿಸಬಹುದು. ನಿಗದಿತ ದಿನಾಂಕದ ನಂತರ ಬಂದ ದರಪಟ್ಟಿಗಳನ್ನು ಪರಿಗಣಿಸಲಾಗುವುದಿಲ್ಲ. ಯಾವುದೇ ಕಾರಣ ನೀಡದೆ ಟೆಂಡರ್ ತಿರಸ್ಕರಿಸುವ ಹಕ್ಕನ್ನು ಕಾಯ್ದಿರಿಸಲಾಗಿದೆ.
DIP/RCR/749/KSMCA/750/2024-25	ಸಹಿ/- ಆಯುಕ್ತರು,
ಮಹಾನಗರ ಪಾಲಿಕೆ ರಾಯಚೂರು.
